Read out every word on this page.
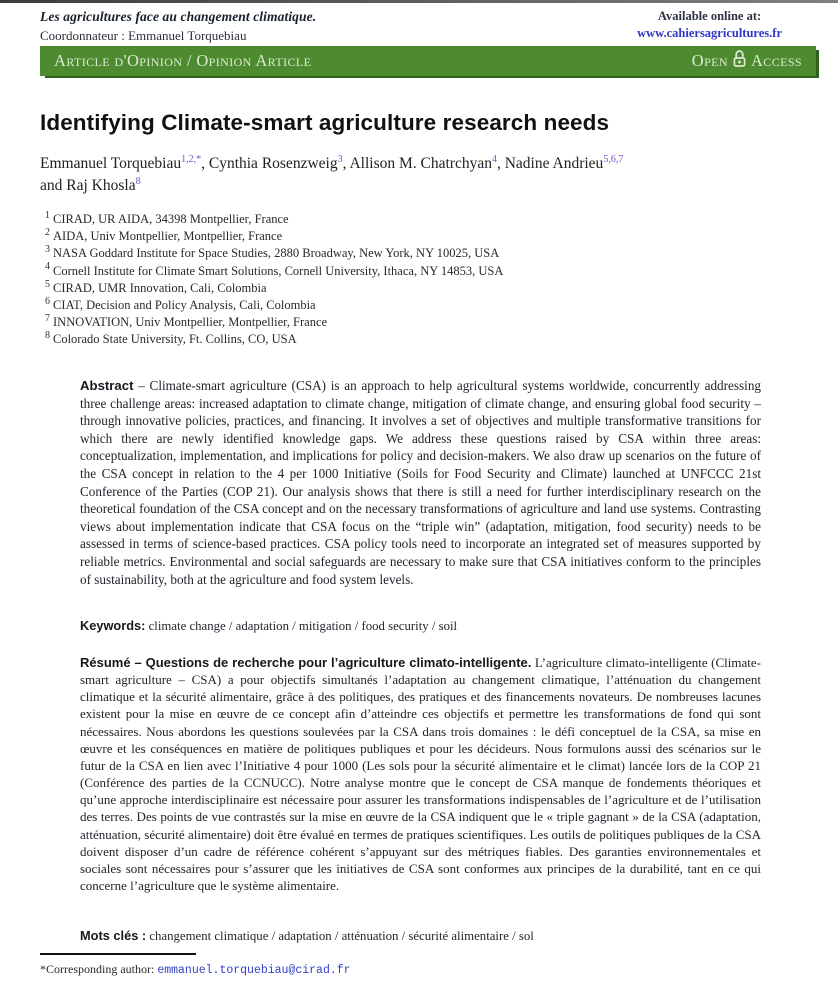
Les agricultures face au changement climatique.
Coordonnateur : Emmanuel Torquebiau
Available online at:
www.cahiersagricultures.fr
Article d'Opinion / Opinion Article	Open Access
Identifying Climate-smart agriculture research needs
Emmanuel Torquebiau$^{1,2,*}$, Cynthia Rosenzweig$^3$, Allison M. Chatrchyan$^4$, Nadine Andrieu$^{5,6,7}$
and Raj Khosla$^8$
$^1$ CIRAD, UR AIDA, 34398 Montpellier, France
$^2$ AIDA, Univ Montpellier, Montpellier, France
$^3$ NASA Goddard Institute for Space Studies, 2880 Broadway, New York, NY 10025, USA
$^4$ Cornell Institute for Climate Smart Solutions, Cornell University, Ithaca, NY 14853, USA
$^5$ CIRAD, UMR Innovation, Cali, Colombia
$^6$ CIAT, Decision and Policy Analysis, Cali, Colombia
$^7$ INNOVATION, Univ Montpellier, Montpellier, France
$^8$ Colorado State University, Ft. Collins, CO, USA

Abstract – Climate-smart agriculture (CSA) is an approach to help agricultural systems worldwide, concurrently addressing three challenge areas: increased adaptation to climate change, mitigation of climate change, and ensuring global food security – through innovative policies, practices, and financing. It involves a set of objectives and multiple transformative transitions for which there are newly identified knowledge gaps. We address these questions raised by CSA within three areas: conceptualization, implementation, and implications for policy and decision-makers. We also draw up scenarios on the future of the CSA concept in relation to the 4 per 1000 Initiative (Soils for Food Security and Climate) launched at UNFCCC 21st Conference of the Parties (COP 21). Our analysis shows that there is still a need for further interdisciplinary research on the theoretical foundation of the CSA concept and on the necessary transformations of agriculture and land use systems. Contrasting views about implementation indicate that CSA focus on the “triple win” (adaptation, mitigation, food security) needs to be assessed in terms of science-based practices. CSA policy tools need to incorporate an integrated set of measures supported by reliable metrics. Environmental and social safeguards are necessary to make sure that CSA initiatives conform to the principles of sustainability, both at the agriculture and food system levels.

Keywords: climate change / adaptation / mitigation / food security / soil

Résumé – Questions de recherche pour l’agriculture climato-intelligente. L’agriculture climato-intelligente (Climate-smart agriculture – CSA) a pour objectifs simultanés l’adaptation au changement climatique, l’atténuation du changement climatique et la sécurité alimentaire, grâce à des politiques, des pratiques et des financements novateurs. De nombreuses lacunes existent pour la mise en œuvre de ce concept afin d’atteindre ces objectifs et permettre les transformations de fond qui sont nécessaires. Nous abordons les questions soulevées par la CSA dans trois domaines : le défi conceptuel de la CSA, sa mise en œuvre et les conséquences en matière de politiques publiques et pour les décideurs. Nous formulons aussi des scénarios sur le futur de la CSA en lien avec l’Initiative 4 pour 1000 (Les sols pour la sécurité alimentaire et le climat) lancée lors de la COP 21 (Conférence des parties de la CCNUCC). Notre analyse montre que le concept de CSA manque de fondements théoriques et qu’une approche interdisciplinaire est nécessaire pour assurer les transformations indispensables de l’agriculture et de l’utilisation des terres. Des points de vue contrastés sur la mise en œuvre de la CSA indiquent que le « triple gagnant » de la CSA (adaptation, atténuation, sécurité alimentaire) doit être évalué en termes de pratiques scientifiques. Les outils de politiques publiques de la CSA doivent disposer d’un cadre de référence cohérent s’appuyant sur des métriques fiables. Des garanties environnementales et sociales sont nécessaires pour s’assurer que les initiatives de CSA sont conformes aux principes de la durabilité, tant en ce qui concerne l’agriculture que le système alimentaire.

Mots clés : changement climatique / adaptation / atténuation / sécurité alimentaire / sol

*Corresponding author: emmanuel.torquebiau@cirad.fr
